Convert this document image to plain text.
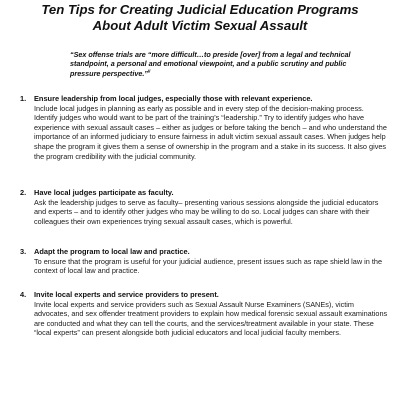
Ten Tips for Creating Judicial Education Programs
About Adult Victim Sexual Assault
“Sex offense trials are “more difficult…to preside [over] from a legal and technical standpoint, a personal and emotional viewpoint, and a public scrutiny and public pressure perspective.”$^{ii}$
1.	Ensure leadership from local judges, especially those with relevant experience.
Include local judges in planning as early as possible and in every step of the decision-making process. Identify judges who would want to be part of the training’s “leadership.” Try to identify judges who have experience with sexual assault cases – either as judges or before taking the bench – and who understand the importance of an informed judiciary to ensure fairness in adult victim sexual assault cases. When judges help shape the program it gives them a sense of ownership in the program and a stake in its success. It also gives the program credibility with the judicial community.
2.	Have local judges participate as faculty.
Ask the leadership judges to serve as faculty– presenting various sessions alongside the judicial educators and experts – and to identify other judges who may be willing to do so. Local judges can share with their colleagues their own experiences trying sexual assault cases, which is powerful.
3.	Adapt the program to local law and practice.
To ensure that the program is useful for your judicial audience, present issues such as rape shield law in the context of local law and practice.
4.	Invite local experts and service providers to present.
Invite local experts and service providers such as Sexual Assault Nurse Examiners (SANEs), victim advocates, and sex offender treatment providers to explain how medical forensic sexual assault examinations are conducted and what they can tell the courts, and the services/treatment available in your state. These “local experts” can present alongside both judicial educators and local judicial faculty members.
